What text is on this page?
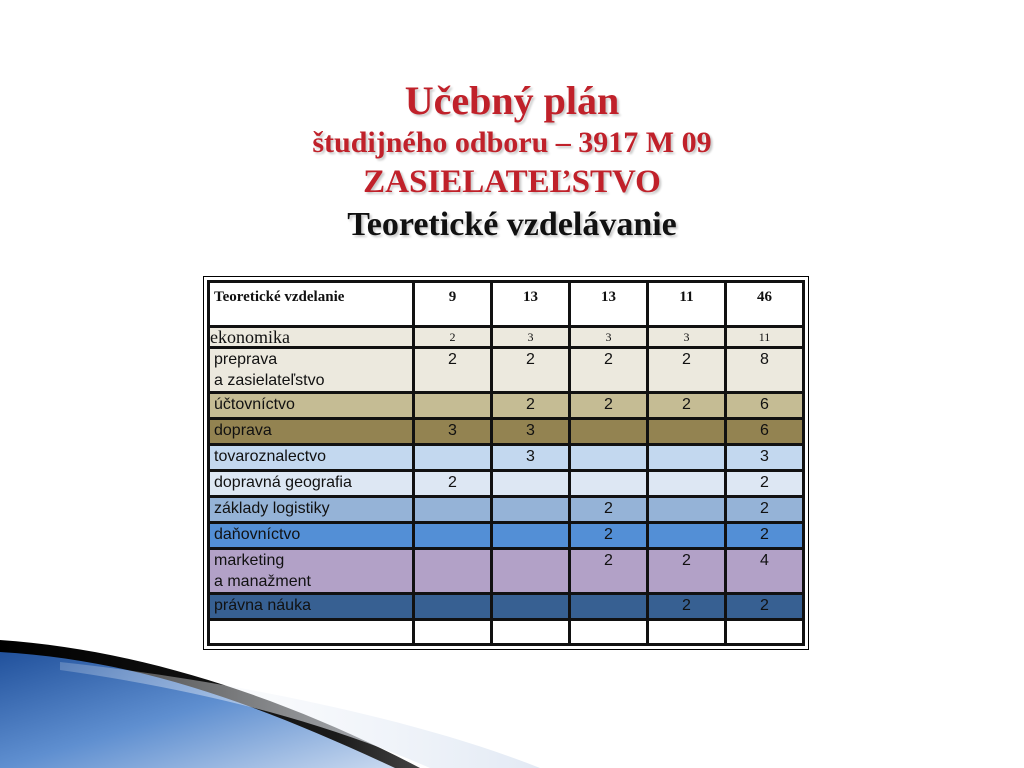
Učebný plán
študijného odboru – 3917 M 09
ZASIELATEĽSTVO
Teoretické vzdelávanie
Teoretické vzdelanie	9	13	13	11	46
ekonomika	2	3	3	3	11
preprava
a zasielateľstvo	2	2	2	2	8
účtovníctvo		2	2	2	6
doprava	3	3			6
tovaroznalectvo		3			3
dopravná geografia	2				2
základy logistiky			2		2
daňovníctvo			2		2
marketing
a manažment			2	2	4
právna náuka				2	2
